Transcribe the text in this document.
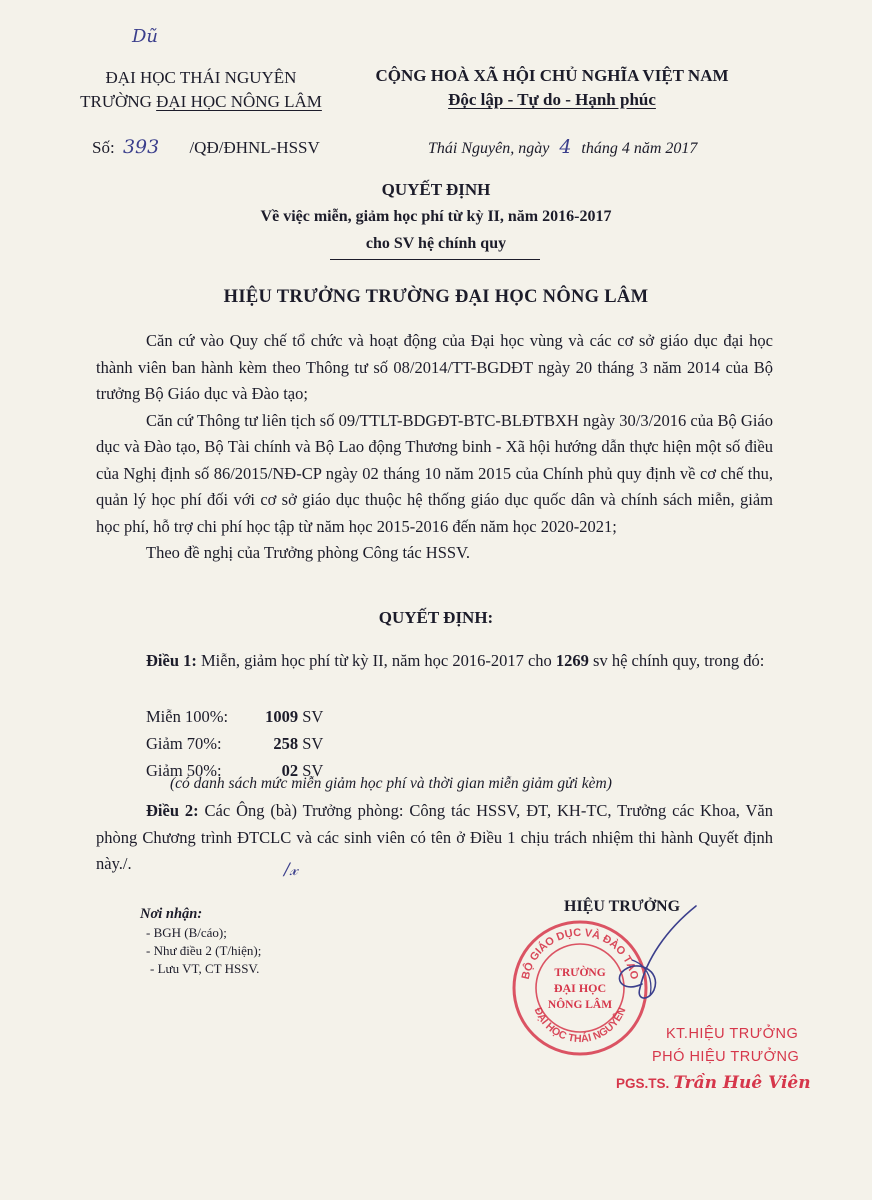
Dũ
ĐẠI HỌC THÁI NGUYÊN
TRƯỜNG ĐẠI HỌC NÔNG LÂM
CỘNG HOÀ XÃ HỘI CHỦ NGHĨA VIỆT NAM
Độc lập - Tự do - Hạnh phúc
Số: 393 /QĐ/ĐHNL-HSSV	Thái Nguyên, ngày 4 tháng 4 năm 2017
QUYẾT ĐỊNH
Về việc miễn, giảm học phí từ kỳ II, năm 2016-2017
cho SV hệ chính quy
HIỆU TRƯỞNG TRƯỜNG ĐẠI HỌC NÔNG LÂM
Căn cứ vào Quy chế tổ chức và hoạt động của Đại học vùng và các cơ sở giáo dục đại học thành viên ban hành kèm theo Thông tư số 08/2014/TT-BGDĐT ngày 20 tháng 3 năm 2014 của Bộ trưởng Bộ Giáo dục và Đào tạo;
Căn cứ Thông tư liên tịch số 09/TTLT-BDGĐT-BTC-BLĐTBXH ngày 30/3/2016 của Bộ Giáo dục và Đào tạo, Bộ Tài chính và Bộ Lao động Thương binh - Xã hội hướng dẫn thực hiện một số điều của Nghị định số 86/2015/NĐ-CP ngày 02 tháng 10 năm 2015 của Chính phủ quy định về cơ chế thu, quản lý học phí đối với cơ sở giáo dục thuộc hệ thống giáo dục quốc dân và chính sách miễn, giảm học phí, hỗ trợ chi phí học tập từ năm học 2015-2016 đến năm học 2020-2021;
Theo đề nghị của Trưởng phòng Công tác HSSV.
QUYẾT ĐỊNH:
Điều 1: Miễn, giảm học phí từ kỳ II, năm học 2016-2017 cho 1269 sv hệ chính quy, trong đó:
Miễn 100%: 1009 SV
Giảm 70%:	258 SV
Giảm 50%:	02 SV
(có danh sách mức miễn giảm học phí và thời gian miễn giảm gửi kèm)
Điều 2: Các Ông (bà) Trưởng phòng: Công tác HSSV, ĐT, KH-TC, Trưởng các Khoa, Văn phòng Chương trình ĐTCLC và các sinh viên có tên ở Điều 1 chịu trách nhiệm thi hành Quyết định này./.	/𝓍
Nơi nhận:
- BGH (B/cáo);
- Như điều 2 (T/hiện);
- Lưu VT, CT HSSV.
HIỆU TRƯỞNG
BỘ GIÁO DỤC VÀ ĐÀO TẠO
ĐẠI HỌC THÁI NGUYÊN
TRƯỜNG
ĐẠI HỌC
NÔNG LÂM
KT.HIỆU TRƯỞNG
PHÓ HIỆU TRƯỞNG
PGS.TS. Trần Huê Viên
